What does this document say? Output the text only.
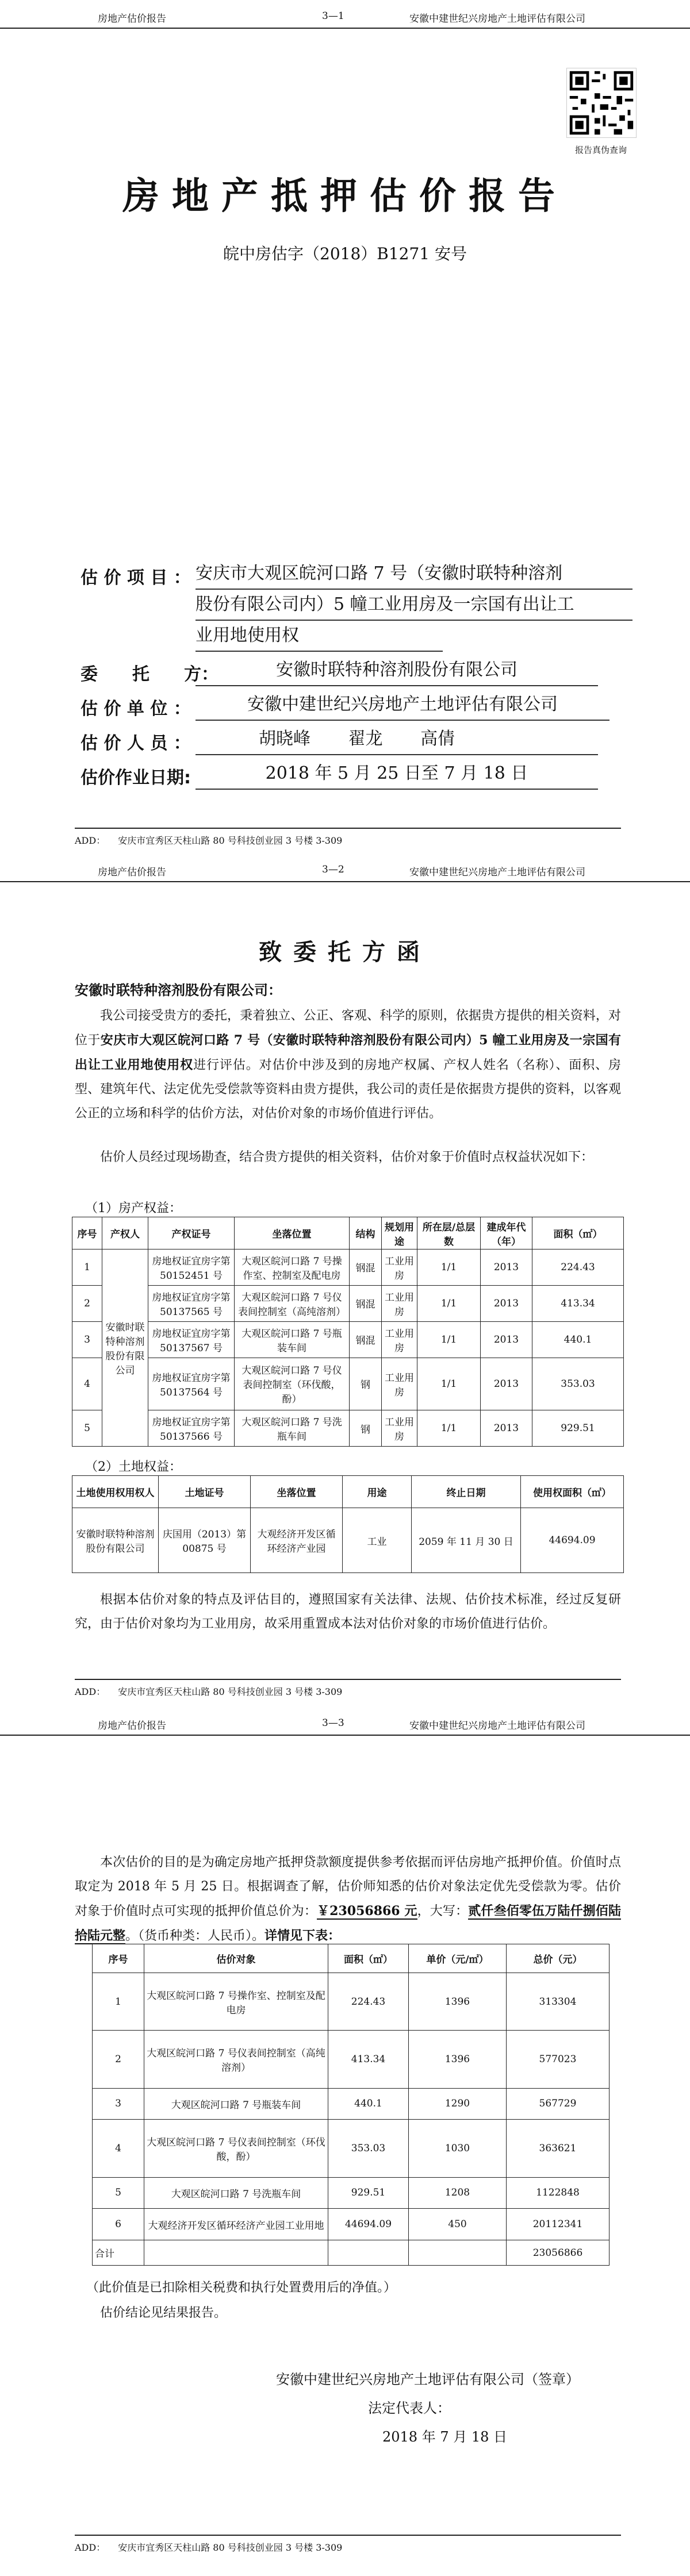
房地产估价报告	3—1	安徽中建世纪兴房地产土地评估有限公司
报告真伪查询
房地产抵押估价报告
皖中房估字（2018）B1271 安号
估 价 项 目 ： 安庆市大观区皖河口路 7 号（安徽时联特种溶剂
股份有限公司内）5 幢工业用房及一宗国有出让工
业用地使用权
委　　托　　方：	安徽时联特种溶剂股份有限公司
估 价 单 位 ：	安徽中建世纪兴房地产土地评估有限公司
估 价 人 员 ：	胡晓峰 翟龙 高倩
估价作业日期:	2018 年 5 月 25 日至 7 月 18 日
ADD： 安庆市宜秀区天柱山路 80 号科技创业园 3 号楼 3-309
房地产估价报告	3—2	安徽中建世纪兴房地产土地评估有限公司
致委托方函
安徽时联特种溶剂股份有限公司：
我公司接受贵方的委托，秉着独立、公正、客观、科学的原则，依据贵方提供的相关资料，对位于安庆市大观区皖河口路 7 号（安徽时联特种溶剂股份有限公司内）5 幢工业用房及一宗国有出让工业用地使用权进行评估。对估价中涉及到的房地产权属、产权人姓名（名称）、面积、房型、建筑年代、法定优先受偿款等资料由贵方提供，我公司的责任是依据贵方提供的资料，以客观公正的立场和科学的估价方法，对估价对象的市场价值进行评估。
估价人员经过现场勘查，结合贵方提供的相关资料，估价对象于价值时点权益状况如下：
（1）房产权益：
序号	产权人	产权证号	坐落位置	结构	规划用途	所在层/总层数	建成年代（年）	面积（㎡）
1	安徽时联特种溶剂股份有限公司	房地权证宜房字第 50152451 号	大观区皖河口路 7 号操作室、控制室及配电房	钢混	工业用房	1/1	2013	224.43
2		房地权证宜房字第 50137565 号	大观区皖河口路 7 号仪表间控制室（高纯溶剂）	钢混	工业用房	1/1	2013	413.34
3		房地权证宜房字第 50137567 号	大观区皖河口路 7 号瓶装车间	钢混	工业用房	1/1	2013	440.1
4		房地权证宜房字第 50137564 号	大观区皖河口路 7 号仪表间控制室（环伐酸，酚）	钢	工业用房	1/1	2013	353.03
5		房地权证宜房字第 50137566 号	大观区皖河口路 7 号洗瓶车间	钢	工业用房	1/1	2013	929.51
（2）土地权益：
土地使用权用权人	土地证号	坐落位置	用途	终止日期	使用权面积（㎡）
安徽时联特种溶剂股份有限公司	庆国用（2013）第 00875 号	大观经济开发区循环经济产业园	工业	2059 年 11 月 30 日	44694.09
根据本估价对象的特点及评估目的，遵照国家有关法律、法规、估价技术标准，经过反复研究，由于估价对象均为工业用房，故采用重置成本法对估价对象的市场价值进行估价。
ADD： 安庆市宜秀区天柱山路 80 号科技创业园 3 号楼 3-309
房地产估价报告	3—3	安徽中建世纪兴房地产土地评估有限公司
本次估价的目的是为确定房地产抵押贷款额度提供参考依据而评估房地产抵押价值。价值时点取定为 2018 年 5 月 25 日。根据调查了解，估价师知悉的估价对象法定优先受偿款为零。估价对象于价值时点可实现的抵押价值总价为：￥23056866 元，大写：贰仟叁佰零伍万陆仟捌佰陆拾陆元整。（货币种类：人民币）。详情见下表：
序号	估价对象	面积（㎡）	单价（元/㎡）	总价（元）
1	大观区皖河口路 7 号操作室、控制室及配电房	224.43	1396	313304
2	大观区皖河口路 7 号仪表间控制室（高纯溶剂）	413.34	1396	577023
3	大观区皖河口路 7 号瓶装车间	440.1	1290	567729
4	大观区皖河口路 7 号仪表间控制室（环伐酸，酚）	353.03	1030	363621
5	大观区皖河口路 7 号洗瓶车间	929.51	1208	1122848
6	大观经济开发区循环经济产业园工业用地	44694.09	450	20112341
合计				23056866
（此价值是已扣除相关税费和执行处置费用后的净值。）
估价结论见结果报告。
安徽中建世纪兴房地产土地评估有限公司（签章）
法定代表人：
2018 年 7 月 18 日
ADD： 安庆市宜秀区天柱山路 80 号科技创业园 3 号楼 3-309
